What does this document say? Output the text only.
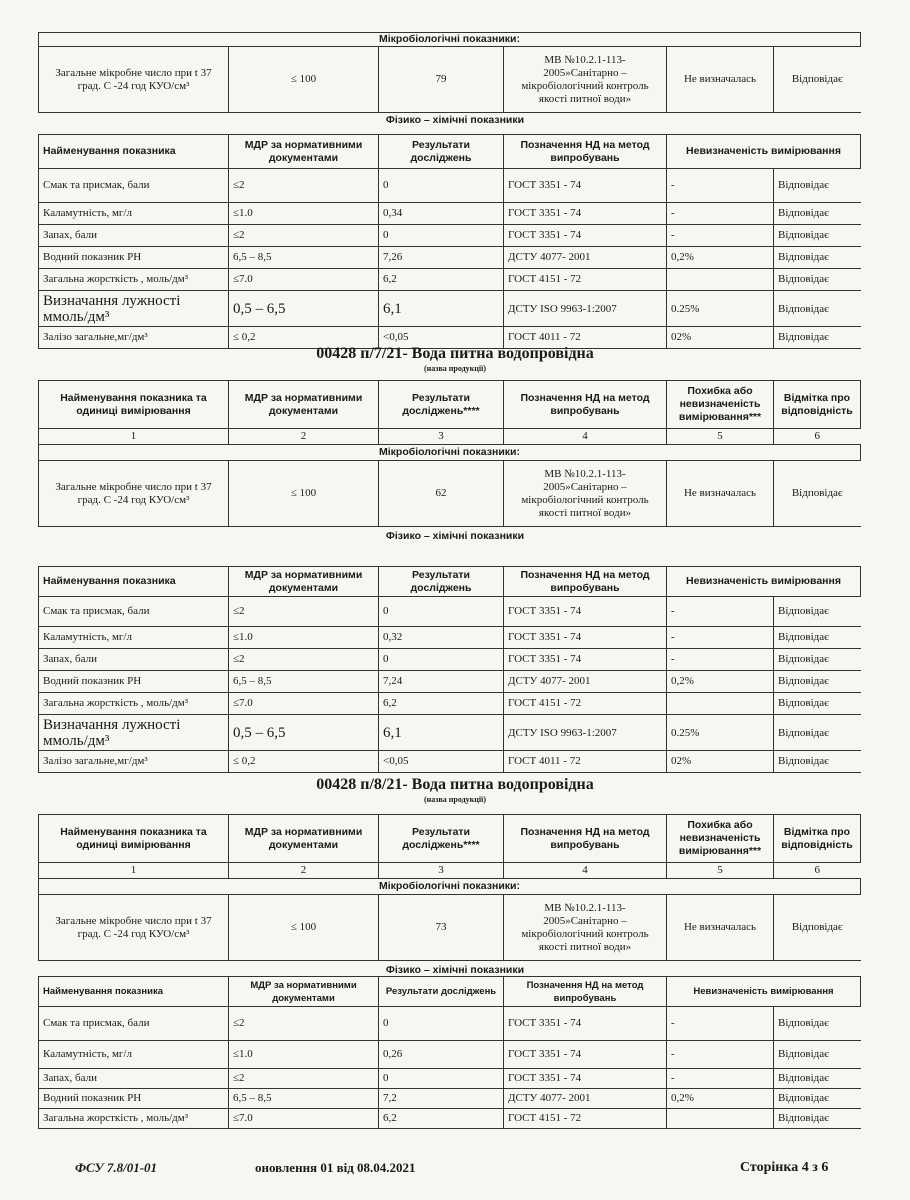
Мікробіологічні показники:
Загальне мікробне число при t 37 град. С -24 год КУО/см³	≤ 100	79	МВ №10.2.1-113-2005»Санітарно – мікробіологічний контроль якості питної води»	Не визначалась	Відповідає
Фізико – хімічні показники
Найменування показника	МДР за нормативними документами	Результати досліджень	Позначення НД на метод випробувань	Невизначеність вимірювання	
Смак та присмак, бали	≤2	0	ГОСТ 3351 - 74	-	Відповідає
Каламутність, мг/л	≤1.0	0,34	ГОСТ 3351 - 74	-	Відповідає
Запах, бали	≤2	0	ГОСТ 3351 - 74	-	Відповідає
Водний показник PH	6,5 – 8,5	7,26	ДСТУ 4077- 2001	0,2%	Відповідає
Загальна жорсткість , моль/дм³	≤7.0	6,2	ГОСТ 4151 - 72		Відповідає
Визначання лужності ммоль/дм³	0,5 – 6,5	6,1	ДСТУ ISO 9963-1:2007	0.25%	Відповідає
Залізо загальне,мг/дм³	≤ 0,2	<0,05	ГОСТ 4011 - 72	02%	Відповідає
00428 п/7/21- Вода питна водопровідна
(назва продукції)
Найменування показника та одиниці вимірювання	МДР за нормативними документами	Результати досліджень****	Позначення НД на метод випробувань	Похибка або невизначеність вимірювання***	Відмітка про відповідність
1	2	3	4	5	6
Мікробіологічні показники:					
Загальне мікробне число при t 37 град. С -24 год КУО/см³	≤ 100	62	МВ №10.2.1-113-2005»Санітарно – мікробіологічний контроль якості питної води»	Не визначалась	Відповідає
Фізико – хімічні показники
Найменування показника	МДР за нормативними документами	Результати досліджень	Позначення НД на метод випробувань	Невизначеність вимірювання	
Смак та присмак, бали	≤2	0	ГОСТ 3351 - 74	-	Відповідає
Каламутність, мг/л	≤1.0	0,32	ГОСТ 3351 - 74	-	Відповідає
Запах, бали	≤2	0	ГОСТ 3351 - 74	-	Відповідає
Водний показник PH	6,5 – 8,5	7,24	ДСТУ 4077- 2001	0,2%	Відповідає
Загальна жорсткість , моль/дм³	≤7.0	6,2	ГОСТ 4151 - 72		Відповідає
Визначання лужності ммоль/дм³	0,5 – 6,5	6,1	ДСТУ ISO 9963-1:2007	0.25%	Відповідає
Залізо загальне,мг/дм³	≤ 0,2	<0,05	ГОСТ 4011 - 72	02%	Відповідає
00428 п/8/21- Вода питна водопровідна
(назва продукції)
Найменування показника та одиниці вимірювання	МДР за нормативними документами	Результати досліджень****	Позначення НД на метод випробувань	Похибка або невизначеність вимірювання***	Відмітка про відповідність
1	2	3	4	5	6
Мікробіологічні показники:					
Загальне мікробне число при t 37 град. С -24 год КУО/см³	≤ 100	73	МВ №10.2.1-113-2005»Санітарно – мікробіологічний контроль якості питної води»	Не визначалась	Відповідає
Фізико – хімічні показники
Найменування показника	МДР за нормативними документами	Результати досліджень	Позначення НД на метод випробувань	Невизначеність вимірювання	
Смак та присмак, бали	≤2	0	ГОСТ 3351 - 74	-	Відповідає
Каламутність, мг/л	≤1.0	0,26	ГОСТ 3351 - 74	-	Відповідає
Запах, бали	≤2	0	ГОСТ 3351 - 74	-	Відповідає
Водний показник PH	6,5 – 8,5	7,2	ДСТУ 4077- 2001	0,2%	Відповідає
Загальна жорсткість , моль/дм³	≤7.0	6,2	ГОСТ 4151 - 72		Відповідає
ФСУ 7.8/01-01	оновлення 01 від 08.04.2021	Сторінка 4 з 6
